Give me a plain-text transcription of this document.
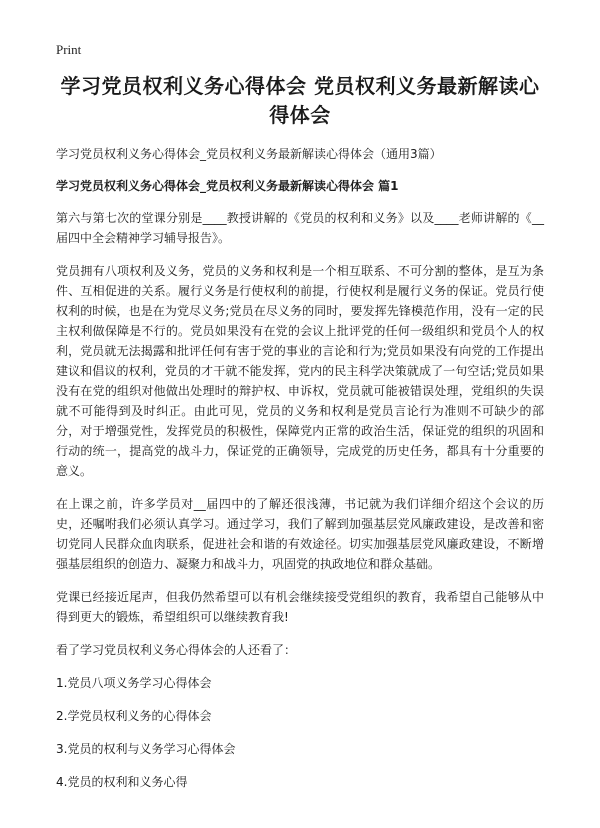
Print
学习党员权利义务心得体会 党员权利义务最新解读心得体会
学习党员权利义务心得体会_党员权利义务最新解读心得体会（通用3篇）
学习党员权利义务心得体会_党员权利义务最新解读心得体会 篇1

第六与第七次的堂课分别是____教授讲解的《党员的权利和义务》以及____老师讲解的《__届四中全会精神学习辅导报告》。

党员拥有八项权利及义务，党员的义务和权利是一个相互联系、不可分割的整体，是互为条件、互相促进的关系。履行义务是行使权利的前提，行使权利是履行义务的保证。党员行使权利的时候，也是在为党尽义务;党员在尽义务的同时，要发挥先锋模范作用，没有一定的民主权利做保障是不行的。党员如果没有在党的会议上批评党的任何一级组织和党员个人的权利，党员就无法揭露和批评任何有害于党的事业的言论和行为;党员如果没有向党的工作提出建议和倡议的权利，党员的才干就不能发挥，党内的民主科学决策就成了一句空话;党员如果没有在党的组织对他做出处理时的辩护权、申诉权，党员就可能被错误处理，党组织的失误就不可能得到及时纠正。由此可见，党员的义务和权利是党员言论行为准则不可缺少的部分，对于增强党性，发挥党员的积极性，保障党内正常的政治生活，保证党的组织的巩固和行动的统一，提高党的战斗力，保证党的正确领导，完成党的历史任务，都具有十分重要的意义。

在上课之前，许多学员对__届四中的了解还很浅薄，书记就为我们详细介绍这个会议的历史，还嘱咐我们必须认真学习。通过学习，我们了解到加强基层党风廉政建设，是改善和密切党同人民群众血肉联系，促进社会和谐的有效途径。切实加强基层党风廉政建设，不断增强基层组织的创造力、凝聚力和战斗力，巩固党的执政地位和群众基础。

党课已经接近尾声，但我仍然希望可以有机会继续接受党组织的教育，我希望自己能够从中得到更大的锻炼，希望组织可以继续教育我!

看了学习党员权利义务心得体会的人还看了：

1.党员八项义务学习心得体会
2.学党员权利义务的心得体会
3.党员的权利与义务学习心得体会
4.党员的权利和义务心得
